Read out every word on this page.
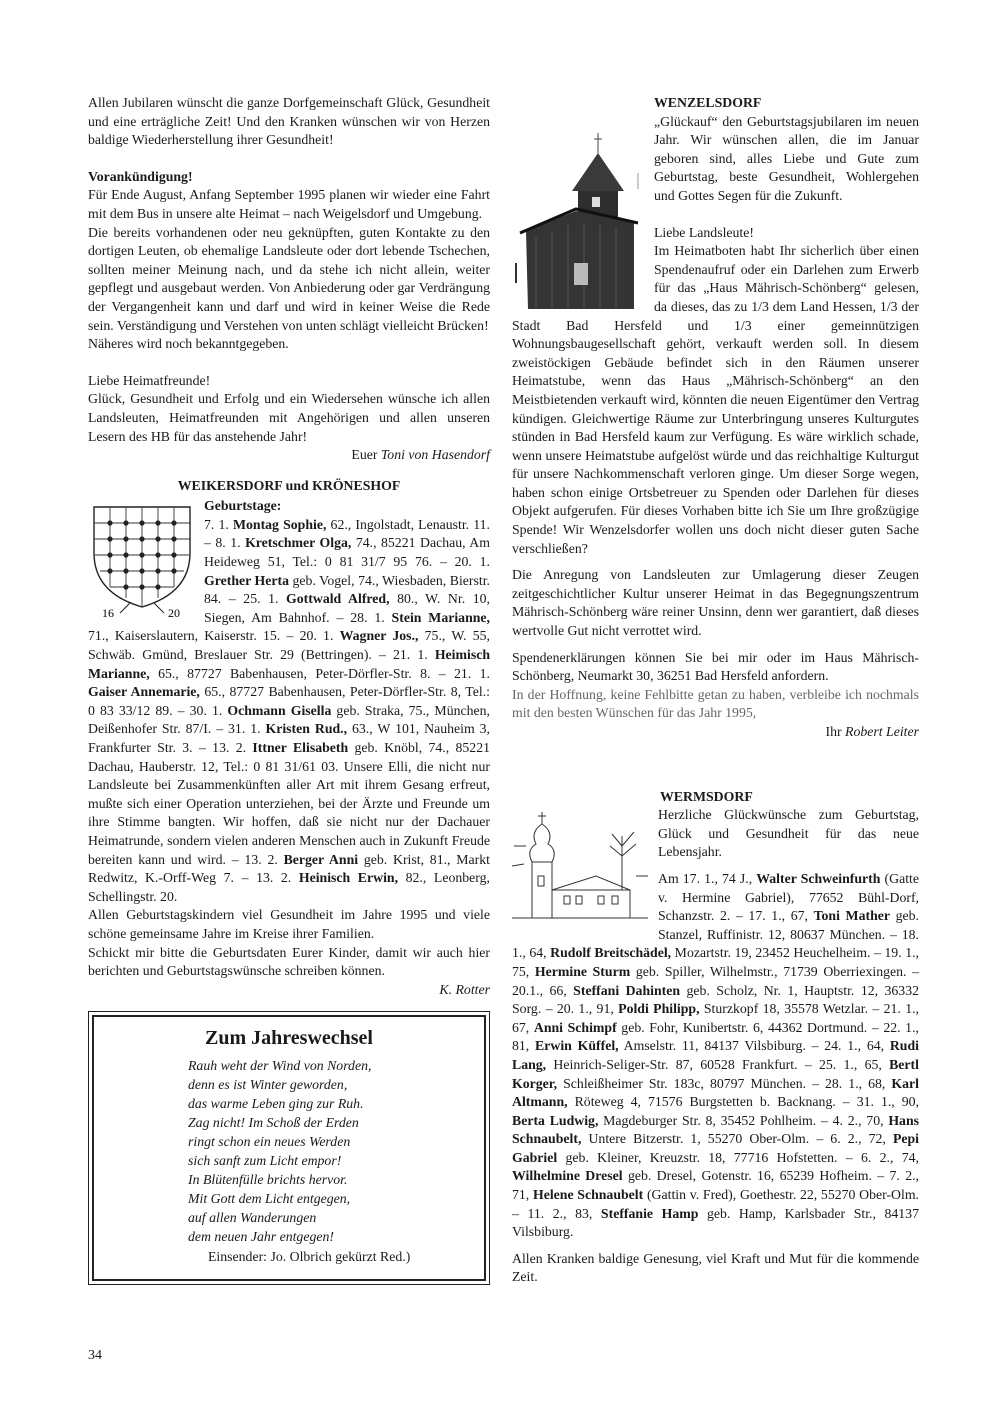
Allen Jubilaren wünscht die ganze Dorfgemeinschaft Glück, Gesundheit und eine erträgliche Zeit! Und den Kranken wünschen wir von Herzen baldige Wiederherstellung ihrer Gesundheit!

Vorankündigung!

Für Ende August, Anfang September 1995 planen wir wieder eine Fahrt mit dem Bus in unsere alte Heimat – nach Weigelsdorf und Umgebung.

Die bereits vorhandenen oder neu geknüpften, guten Kontakte zu den dortigen Leuten, ob ehemalige Landsleute oder dort lebende Tschechen, sollten meiner Meinung nach, und da stehe ich nicht allein, weiter gepflegt und ausgebaut werden. Von Anbiederung oder gar Verdrängung der Vergangenheit kann und darf und wird in keiner Weise die Rede sein. Verständigung und Verstehen von unten schlägt vielleicht Brücken!

Näheres wird noch bekanntgegeben.

Liebe Heimatfreunde!

Glück, Gesundheit und Erfolg und ein Wiedersehen wünsche ich allen Landsleuten, Heimatfreunden mit Angehörigen und allen unseren Lesern des HB für das anstehende Jahr!

Euer Toni von Hasendorf

WEIKERSDORF und KRÖNESHOF

16	20

Geburtstage:

7. 1. Montag Sophie, 62., Ingolstadt, Lenaustr. 11. – 8. 1. Kretschmer Olga, 74., 85221 Dachau, Am Heideweg 51, Tel.: 0 81 31/7 95 76. – 20. 1. Grether Herta geb. Vogel, 74., Wiesbaden, Bierstr. 84. – 25. 1. Gottwald Alfred, 80., W. Nr. 10, Siegen, Am Bahnhof. – 28. 1. Stein Marianne, 71., Kaiserslautern, Kaiserstr. 15. – 20. 1. Wagner Jos., 75., W. 55, Schwäb. Gmünd, Breslauer Str. 29 (Bettringen). – 21. 1. Heimisch Marianne, 65., 87727 Babenhausen, Peter-Dörfler-Str. 8. – 21. 1. Gaiser Annemarie, 65., 87727 Babenhausen, Peter-Dörfler-Str. 8, Tel.: 0 83 33/12 89. – 30. 1. Ochmann Gisella geb. Straka, 75., München, Deißenhofer Str. 87/I. – 31. 1. Kristen Rud., 63., W 101, Nauheim 3, Frankfurter Str. 3. – 13. 2. Ittner Elisabeth geb. Knöbl, 74., 85221 Dachau, Hauberstr. 12, Tel.: 0 81 31/61 03. Unsere Elli, die nicht nur Landsleute bei Zusammenkünften aller Art mit ihrem Gesang erfreut, mußte sich einer Operation unterziehen, bei der Ärzte und Freunde um ihre Stimme bangten. Wir hoffen, daß sie nicht nur der Dachauer Heimatrunde, sondern vielen anderen Menschen auch in Zukunft Freude bereiten kann und wird. – 13. 2. Berger Anni geb. Krist, 81., Markt Redwitz, K.-Orff-Weg 7. – 13. 2. Heinisch Erwin, 82., Leonberg, Schellingstr. 20.

Allen Geburtstagskindern viel Gesundheit im Jahre 1995 und viele schöne gemeinsame Jahre im Kreise ihrer Familien.

Schickt mir bitte die Geburtsdaten Eurer Kinder, damit wir auch hier berichten und Geburtstagswünsche schreiben können.

K. Rotter

Zum Jahreswechsel
Rauh weht der Wind von Norden,
denn es ist Winter geworden,
das warme Leben ging zur Ruh.
Zag nicht! Im Schoß der Erden
ringt schon ein neues Werden
sich sanft zum Licht empor!
In Blütenfülle brichts hervor.
Mit Gott dem Licht entgegen,
auf allen Wanderungen
dem neuen Jahr entgegen!
Einsender: Jo. Olbrich gekürzt Red.)

WENZELSDORF

„Glückauf“ den Geburtstagsjubilaren im neuen Jahr. Wir wünschen allen, die im Januar geboren sind, alles Liebe und Gute zum Geburtstag, beste Gesundheit, Wohlergehen und Gottes Segen für die Zukunft.

Liebe Landsleute!

Im Heimatboten habt Ihr sicherlich über einen Spendenaufruf oder ein Darlehen zum Erwerb für das „Haus Mährisch-Schönberg“ gelesen, da dieses, das zu 1/3 dem Land Hessen, 1/3 der Stadt Bad Hersfeld und 1/3 einer gemeinnützigen Wohnungsbaugesellschaft gehört, verkauft werden soll. In diesem zweistöckigen Gebäude befindet sich in den Räumen unserer Heimatstube, wenn das Haus „Mährisch-Schönberg“ an den Meistbietenden verkauft wird, könnten die neuen Eigentümer den Vertrag kündigen. Gleichwertige Räume zur Unterbringung unseres Kulturgutes stünden in Bad Hersfeld kaum zur Verfügung. Es wäre wirklich schade, wenn unsere Heimatstube aufgelöst würde und das reichhaltige Kulturgut für unsere Nachkommenschaft verloren ginge. Um dieser Sorge wegen, haben schon einige Ortsbetreuer zu Spenden oder Darlehen für dieses Objekt aufgerufen. Für dieses Vorhaben bitte ich Sie um Ihre großzügige Spende! Wir Wenzelsdorfer wollen uns doch nicht dieser guten Sache verschließen?

Die Anregung von Landsleuten zur Umlagerung dieser Zeugen zeitgeschichtlicher Kultur unserer Heimat in das Begegnungszentrum Mährisch-Schönberg wäre reiner Unsinn, denn wer garantiert, daß dieses wertvolle Gut nicht verrottet wird.

Spendenerklärungen können Sie bei mir oder im Haus Mährisch-Schönberg, Neumarkt 30, 36251 Bad Hersfeld anfordern.

In der Hoffnung, keine Fehlbitte getan zu haben, verbleibe ich nochmals mit den besten Wünschen für das Jahr 1995,

Ihr Robert Leiter

WERMSDORF

Herzliche Glückwünsche zum Geburtstag, Glück und Gesundheit für das neue Lebensjahr.

Am 17. 1., 74 J., Walter Schweinfurth (Gatte v. Hermine Gabriel), 77652 Bühl-Dorf, Schanzstr. 2. – 17. 1., 67, Toni Mather geb. Stanzel, Ruffinistr. 12, 80637 München. – 18. 1., 64, Rudolf Breitschädel, Mozartstr. 19, 23452 Heuchelheim. – 19. 1., 75, Hermine Sturm geb. Spiller, Wilhelmstr., 71739 Oberriexingen. – 20.1., 66, Steffani Dahinten geb. Scholz, Nr. 1, Hauptstr. 12, 36332 Sorg. – 20. 1., 91, Poldi Philipp, Sturzkopf 18, 35578 Wetzlar. – 21. 1., 67, Anni Schimpf geb. Fohr, Kunibertstr. 6, 44362 Dortmund. – 22. 1., 81, Erwin Küffel, Amselstr. 11, 84137 Vilsbiburg. – 24. 1., 64, Rudi Lang, Heinrich-Seliger-Str. 87, 60528 Frankfurt. – 25. 1., 65, Bertl Korger, Schleißheimer Str. 183c, 80797 München. – 28. 1., 68, Karl Altmann, Röteweg 4, 71576 Burgstetten b. Backnang. – 31. 1., 90, Berta Ludwig, Magdeburger Str. 8, 35452 Pohlheim. – 4. 2., 70, Hans Schnaubelt, Untere Bitzerstr. 1, 55270 Ober-Olm. – 6. 2., 72, Pepi Gabriel geb. Kleiner, Kreuzstr. 18, 77716 Hofstetten. – 6. 2., 74, Wilhelmine Dresel geb. Dresel, Gotenstr. 16, 65239 Hofheim. – 7. 2., 71, Helene Schnaubelt (Gattin v. Fred), Goethestr. 22, 55270 Ober-Olm. – 11. 2., 83, Steffanie Hamp geb. Hamp, Karlsbader Str., 84137 Vilsbiburg.

Allen Kranken baldige Genesung, viel Kraft und Mut für die kommende Zeit.

34
